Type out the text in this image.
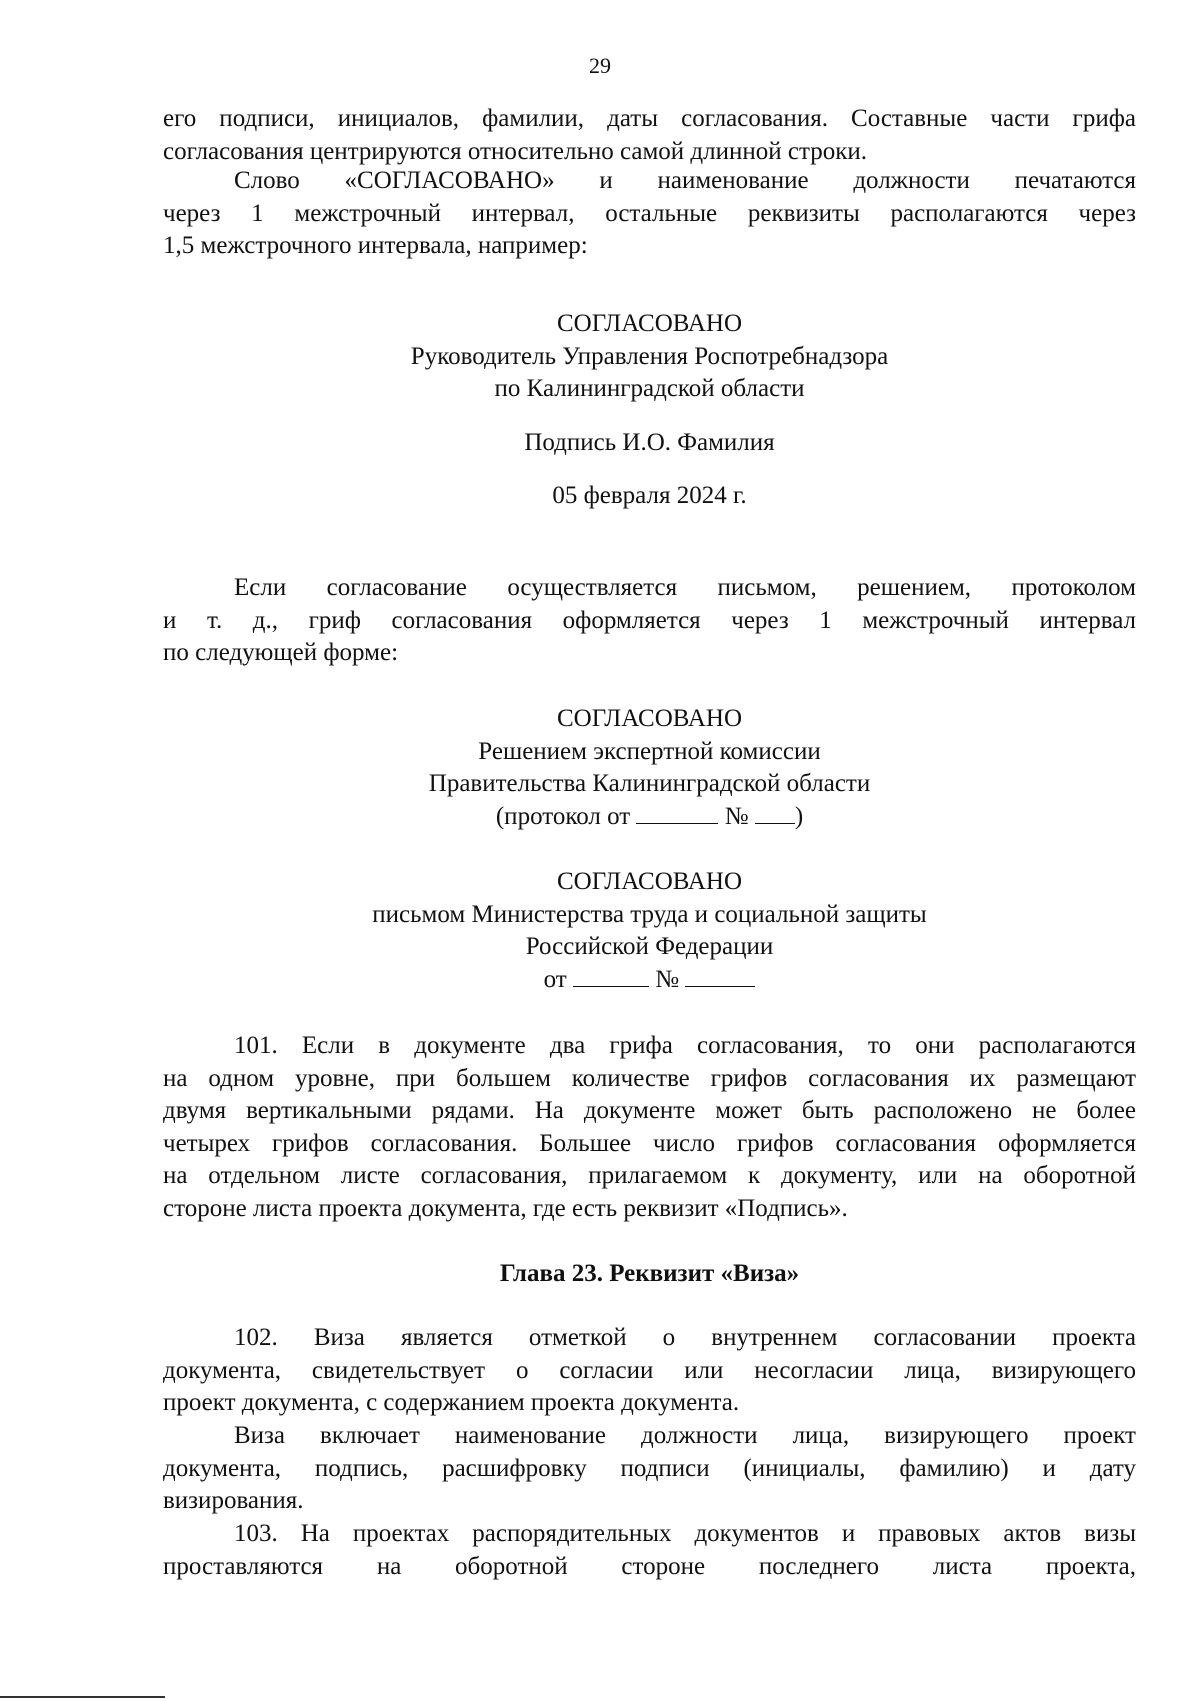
29

его подписи, инициалов, фамилии, даты согласования. Составные части грифа

согласования центрируются относительно самой длинной строки.

Слово «СОГЛАСОВАНО» и наименование должности печатаются

через 1 межстрочный интервал, остальные реквизиты располагаются через

1,5 межстрочного интервала, например:

СОГЛАСОВАНО
Руководитель Управления Роспотребнадзора
по Калининградской области
Подпись И.О. Фамилия
05 февраля 2024 г.

Если согласование осуществляется письмом, решением, протоколом

и т. д., гриф согласования оформляется через 1 межстрочный интервал

по следующей форме:

СОГЛАСОВАНО
Решением экспертной комиссии
Правительства Калининградской области
(протокол от	№ )
СОГЛАСОВАНО
письмом Министерства труда и социальной защиты
Российской Федерации
от	№

101. Если в документе два грифа согласования, то они располагаются

на одном уровне, при большем количестве грифов согласования их размещают

двумя вертикальными рядами. На документе может быть расположено не более

четырех грифов согласования. Большее число грифов согласования оформляется

на отдельном листе согласования, прилагаемом к документу, или на оборотной

стороне листа проекта документа, где есть реквизит «Подпись».

Глава 23. Реквизит «Виза»

102. Виза является отметкой о внутреннем согласовании проекта

документа, свидетельствует о согласии или несогласии лица, визирующего

проект документа, с содержанием проекта документа.

Виза включает наименование должности лица, визирующего проект

документа, подпись, расшифровку подписи (инициалы, фамилию) и дату

визирования.

103. На проектах распорядительных документов и правовых актов визы

проставляются на оборотной стороне последнего листа проекта,
